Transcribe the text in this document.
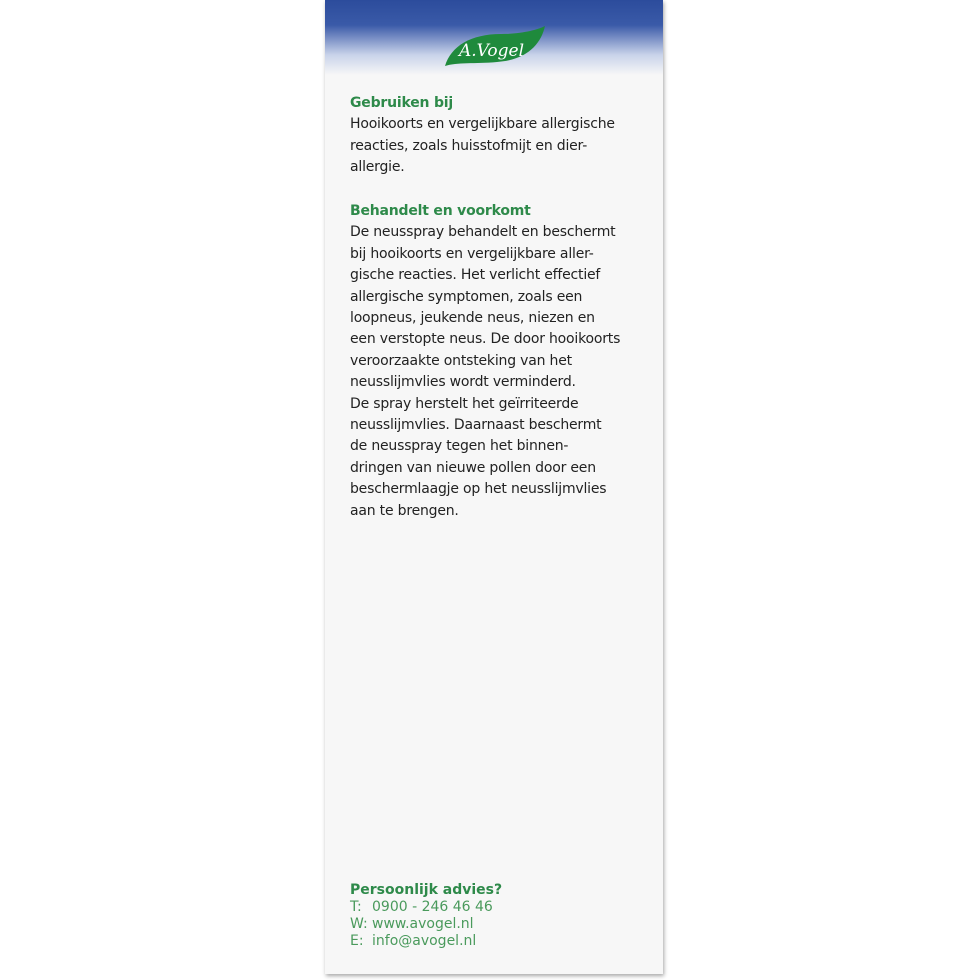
A.Vogel
Gebruiken bij
Hooikoorts en vergelijkbare allergische
reacties, zoals huisstofmijt en dier-
allergie.
Behandelt en voorkomt
De neusspray behandelt en beschermt
bij hooikoorts en vergelijkbare aller-
gische reacties. Het verlicht effectief
allergische symptomen, zoals een
loopneus, jeukende neus, niezen en
een verstopte neus. De door hooikoorts
veroorzaakte ontsteking van het
neusslijmvlies wordt verminderd.
De spray herstelt het geïrriteerde
neusslijmvlies. Daarnaast beschermt
de neusspray tegen het binnen-
dringen van nieuwe pollen door een
beschermlaagje op het neusslijmvlies
aan te brengen.
Persoonlijk advies?
T: 0900 - 246 46 46
W: www.avogel.nl
E: info@avogel.nl
